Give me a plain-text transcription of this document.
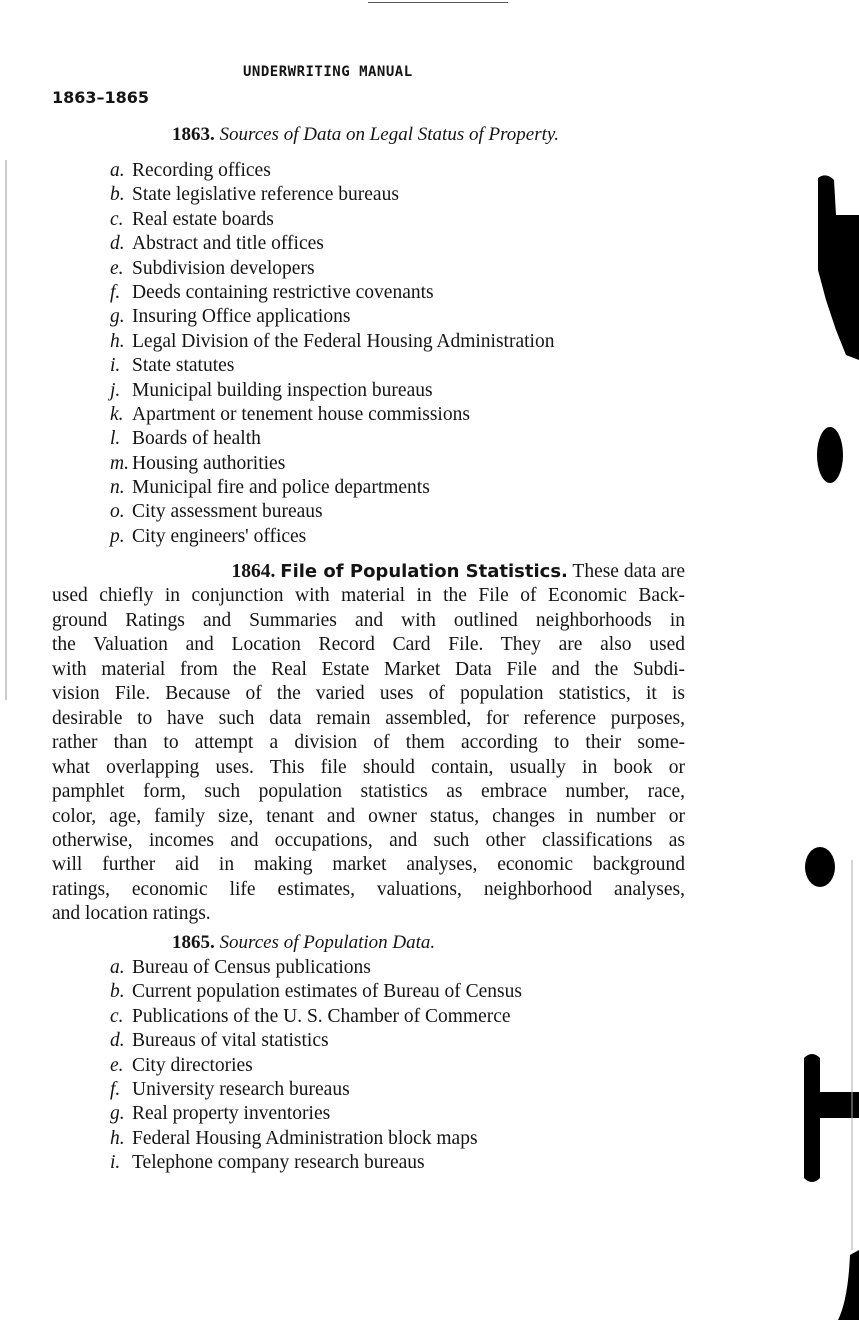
UNDERWRITING MANUAL
1863–1865
1863. Sources of Data on Legal Status of Property.
a. Recording offices
b. State legislative reference bureaus
c. Real estate boards
d. Abstract and title offices
e. Subdivision developers
f. Deeds containing restrictive covenants
g. Insuring Office applications
h. Legal Division of the Federal Housing Administration
i. State statutes
j. Municipal building inspection bureaus
k. Apartment or tenement house commissions
l. Boards of health
m. Housing authorities
n. Municipal fire and police departments
o. City assessment bureaus
p. City engineers' offices
1864. File of Population Statistics. These data are
used chiefly in conjunction with material in the File of Economic Back-
ground Ratings and Summaries and with outlined neighborhoods in
the Valuation and Location Record Card File. They are also used
with material from the Real Estate Market Data File and the Subdi-
vision File. Because of the varied uses of population statistics, it is
desirable to have such data remain assembled, for reference purposes,
rather than to attempt a division of them according to their some-
what overlapping uses. This file should contain, usually in book or
pamphlet form, such population statistics as embrace number, race,
color, age, family size, tenant and owner status, changes in number or
otherwise, incomes and occupations, and such other classifications as
will further aid in making market analyses, economic background
ratings, economic life estimates, valuations, neighborhood analyses,
and location ratings.
1865. Sources of Population Data.
a. Bureau of Census publications
b. Current population estimates of Bureau of Census
c. Publications of the U. S. Chamber of Commerce
d. Bureaus of vital statistics
e. City directories
f. University research bureaus
g. Real property inventories
h. Federal Housing Administration block maps
i. Telephone company research bureaus
